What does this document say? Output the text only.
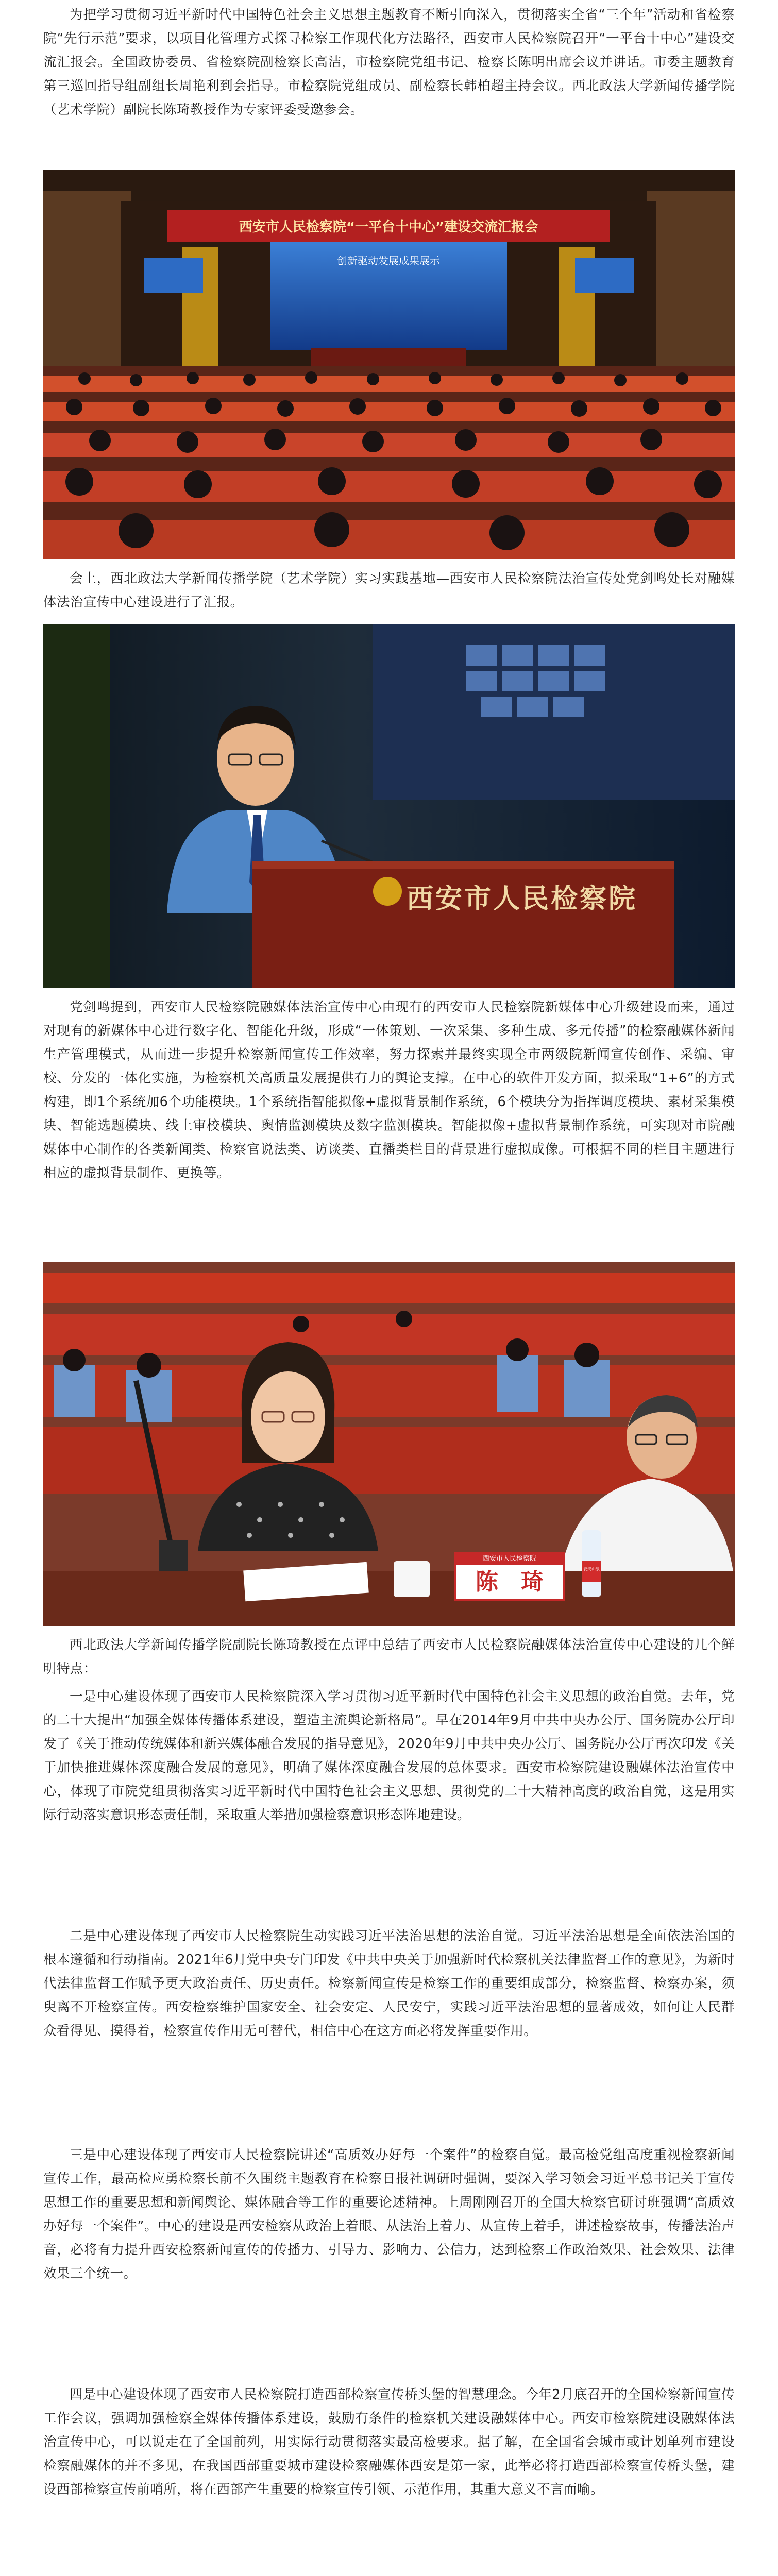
为把学习贯彻习近平新时代中国特色社会主义思想主题教育不断引向深入，贯彻落实全省“三个年”活动和省检察院“先行示范”要求，以项目化管理方式探寻检察工作现代化方法路径，西安市人民检察院召开“一平台十中心”建设交流汇报会。全国政协委员、省检察院副检察长高洁，市检察院党组书记、检察长陈明出席会议并讲话。市委主题教育第三巡回指导组副组长周艳利到会指导。市检察院党组成员、副检察长韩柏超主持会议。西北政法大学新闻传播学院（艺术学院）副院长陈琦教授作为专家评委受邀参会。

西安市人民检察院“一平台十中心”建设交流汇报会
创新驱动发展成果展示

会上，西北政法大学新闻传播学院（艺术学院）实习实践基地—西安市人民检察院法治宣传处党剑鸣处长对融媒体法治宣传中心建设进行了汇报。

西安市人民检察院

党剑鸣提到，西安市人民检察院融媒体法治宣传中心由现有的西安市人民检察院新媒体中心升级建设而来，通过对现有的新媒体中心进行数字化、智能化升级，形成“一体策划、一次采集、多种生成、多元传播”的检察融媒体新闻生产管理模式，从而进一步提升检察新闻宣传工作效率，努力探索并最终实现全市两级院新闻宣传创作、采编、审校、分发的一体化实施，为检察机关高质量发展提供有力的舆论支撑。在中心的软件开发方面，拟采取“1+6”的方式构建，即1个系统加6个功能模块。1个系统指智能拟像+虚拟背景制作系统，6个模块分为指挥调度模块、素材采集模块、智能选题模块、线上审校模块、舆情监测模块及数字监测模块。智能拟像+虚拟背景制作系统，可实现对市院融媒体中心制作的各类新闻类、检察官说法类、访谈类、直播类栏目的背景进行虚拟成像。可根据不同的栏目主题进行相应的虚拟背景制作、更换等。

西安市人民检察院
陈　琦	农夫山泉

西北政法大学新闻传播学院副院长陈琦教授在点评中总结了西安市人民检察院融媒体法治宣传中心建设的几个鲜明特点：

一是中心建设体现了西安市人民检察院深入学习贯彻习近平新时代中国特色社会主义思想的政治自觉。去年，党的二十大提出“加强全媒体传播体系建设，塑造主流舆论新格局”。早在2014年9月中共中央办公厅、国务院办公厅印发了《关于推动传统媒体和新兴媒体融合发展的指导意见》，2020年9月中共中央办公厅、国务院办公厅再次印发《关于加快推进媒体深度融合发展的意见》，明确了媒体深度融合发展的总体要求。西安市检察院建设融媒体法治宣传中心，体现了市院党组贯彻落实习近平新时代中国特色社会主义思想、贯彻党的二十大精神高度的政治自觉，这是用实际行动落实意识形态责任制，采取重大举措加强检察意识形态阵地建设。

二是中心建设体现了西安市人民检察院生动实践习近平法治思想的法治自觉。习近平法治思想是全面依法治国的根本遵循和行动指南。2021年6月党中央专门印发《中共中央关于加强新时代检察机关法律监督工作的意见》，为新时代法律监督工作赋予更大政治责任、历史责任。检察新闻宣传是检察工作的重要组成部分，检察监督、检察办案，须臾离不开检察宣传。西安检察维护国家安全、社会安定、人民安宁，实践习近平法治思想的显著成效，如何让人民群众看得见、摸得着，检察宣传作用无可替代，相信中心在这方面必将发挥重要作用。

三是中心建设体现了西安市人民检察院讲述“高质效办好每一个案件”的检察自觉。最高检党组高度重视检察新闻宣传工作，最高检应勇检察长前不久围绕主题教育在检察日报社调研时强调，要深入学习领会习近平总书记关于宣传思想工作的重要思想和新闻舆论、媒体融合等工作的重要论述精神。上周刚刚召开的全国大检察官研讨班强调“高质效办好每一个案件”。中心的建设是西安检察从政治上着眼、从法治上着力、从宣传上着手，讲述检察故事，传播法治声音，必将有力提升西安检察新闻宣传的传播力、引导力、影响力、公信力，达到检察工作政治效果、社会效果、法律效果三个统一。

四是中心建设体现了西安市人民检察院打造西部检察宣传桥头堡的智慧理念。今年2月底召开的全国检察新闻宣传工作会议，强调加强检察全媒体传播体系建设，鼓励有条件的检察机关建设融媒体中心。西安市检察院建设融媒体法治宣传中心，可以说走在了全国前列，用实际行动贯彻落实最高检要求。据了解，在全国省会城市或计划单列市建设检察融媒体的并不多见，在我国西部重要城市建设检察融媒体西安是第一家，此举必将打造西部检察宣传桥头堡，建设西部检察宣传前哨所，将在西部产生重要的检察宣传引领、示范作用，其重大意义不言而喻。
